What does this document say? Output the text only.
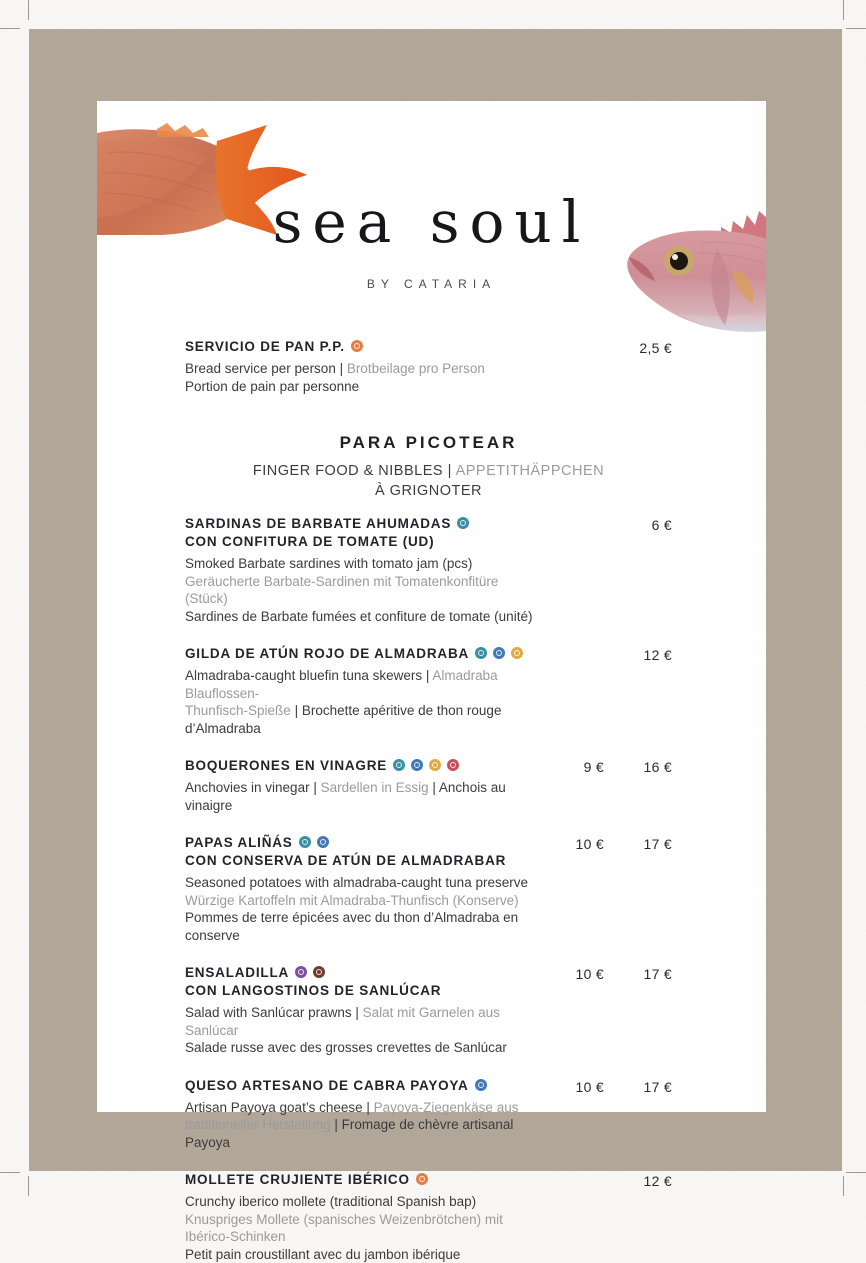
sea soul
BY CATARIA
SERVICIO DE PAN P.P.
Bread service per person | Brotbeilage pro Person
Portion de pain par personne
2,5 €
PARA PICOTEAR
FINGER FOOD & NIBBLES | APPETITHÄPPCHEN
À GRIGNOTER
SARDINAS DE BARBATE AHUMADAS
CON CONFITURA DE TOMATE (UD)
Smoked Barbate sardines with tomato jam (pcs)
Geräucherte Barbate-Sardinen mit Tomatenkonfitüre (Stück)
Sardines de Barbate fumées et confiture de tomate (unité)
6 €
GILDA DE ATÚN ROJO DE ALMADRABA
Almadraba-caught bluefin tuna skewers | Almadraba Blauflossen-
Thunfisch-Spieße | Brochette apéritive de thon rouge d’Almadraba
12 €
BOQUERONES EN VINAGRE
Anchovies in vinegar | Sardellen in Essig | Anchois au vinaigre
9 €	16 €
PAPAS ALIÑÁS
CON CONSERVA DE ATÚN DE ALMADRABAR
Seasoned potatoes with almadraba-caught tuna preserve
Würzige Kartoffeln mit Almadraba-Thunfisch (Konserve)
Pommes de terre épicées avec du thon d’Almadraba en conserve
10 €	17 €
ENSALADILLA
CON LANGOSTINOS DE SANLÚCAR
Salad with Sanlúcar prawns | Salat mit Garnelen aus Sanlúcar
Salade russe avec des grosses crevettes de Sanlúcar
10 €	17 €
QUESO ARTESANO DE CABRA PAYOYA
Artisan Payoya goat’s cheese | Payoya-Ziegenkäse aus
traditioneller Herstellung | Fromage de chèvre artisanal Payoya
10 €	17 €
MOLLETE CRUJIENTE IBÉRICO
Crunchy iberico mollete (traditional Spanish bap)
Knuspriges Mollete (spanisches Weizenbrötchen) mit Ibérico-Schinken
Petit pain croustillant avec du jambon ibérique
12 €
